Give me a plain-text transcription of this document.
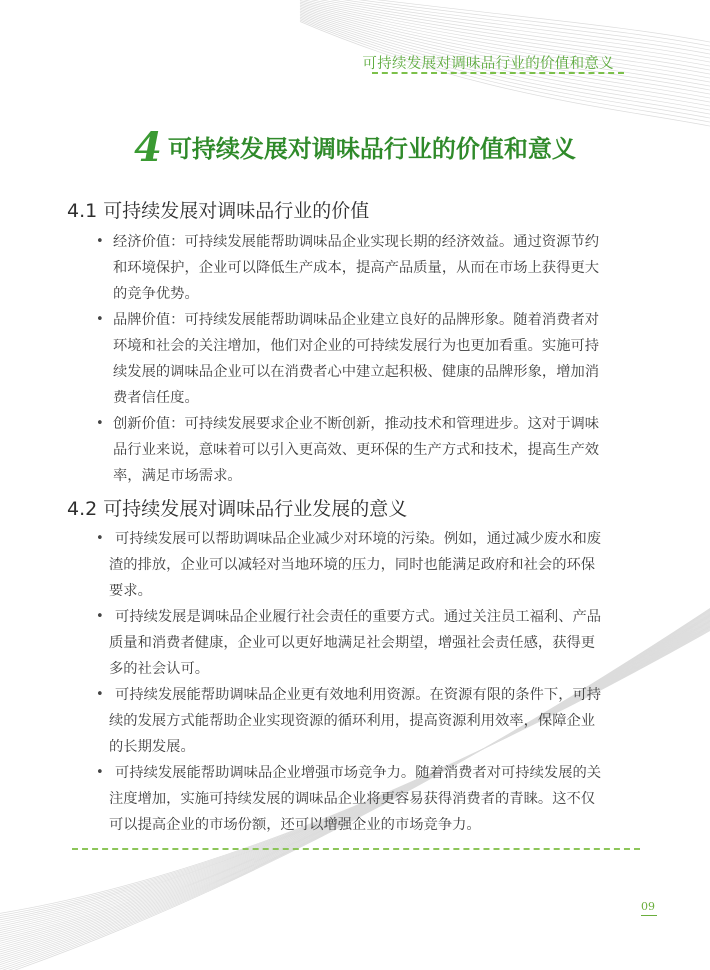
可持续发展对调味品行业的价值和意义
4 可持续发展对调味品行业的价值和意义
4.1 可持续发展对调味品行业的价值
• 经济价值：可持续发展能帮助调味品企业实现长期的经济效益。通过资源节约
和环境保护，企业可以降低生产成本，提高产品质量，从而在市场上获得更大
的竞争优势。
• 品牌价值：可持续发展能帮助调味品企业建立良好的品牌形象。随着消费者对
环境和社会的关注增加，他们对企业的可持续发展行为也更加看重。实施可持
续发展的调味品企业可以在消费者心中建立起积极、健康的品牌形象，增加消
费者信任度。
• 创新价值：可持续发展要求企业不断创新，推动技术和管理进步。这对于调味
品行业来说，意味着可以引入更高效、更环保的生产方式和技术，提高生产效
率，满足市场需求。
4.2 可持续发展对调味品行业发展的意义
• 可持续发展可以帮助调味品企业减少对环境的污染。例如，通过减少废水和废
渣的排放，企业可以减轻对当地环境的压力，同时也能满足政府和社会的环保
要求。
• 可持续发展是调味品企业履行社会责任的重要方式。通过关注员工福利、产品
质量和消费者健康，企业可以更好地满足社会期望，增强社会责任感，获得更
多的社会认可。
• 可持续发展能帮助调味品企业更有效地利用资源。在资源有限的条件下，可持
续的发展方式能帮助企业实现资源的循环利用，提高资源利用效率，保障企业
的长期发展。
• 可持续发展能帮助调味品企业增强市场竞争力。随着消费者对可持续发展的关
注度增加，实施可持续发展的调味品企业将更容易获得消费者的青睐。这不仅
可以提高企业的市场份额，还可以增强企业的市场竞争力。
09
